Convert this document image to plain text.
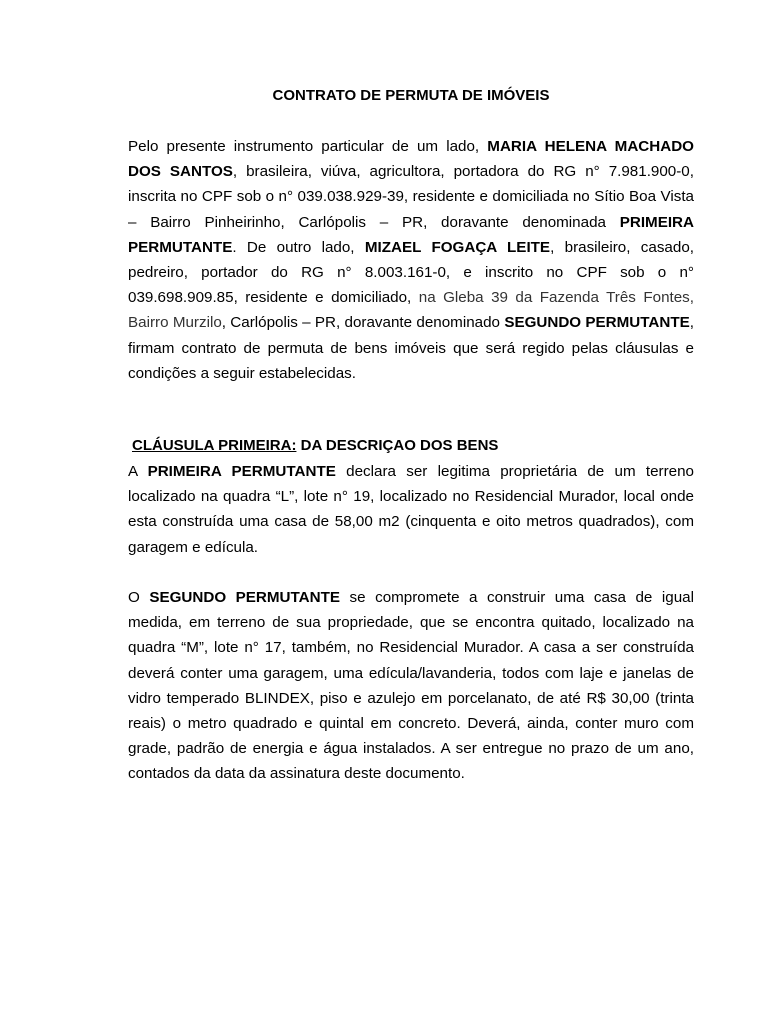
CONTRATO DE PERMUTA DE IMÓVEIS
Pelo presente instrumento particular de um lado, MARIA HELENA MACHADO DOS SANTOS, brasileira, viúva, agricultora, portadora do RG n° 7.981.900-0, inscrita no CPF sob o n° 039.038.929-39, residente e domiciliada no Sítio Boa Vista – Bairro Pinheirinho, Carlópolis – PR, doravante denominada PRIMEIRA PERMUTANTE. De outro lado, MIZAEL FOGAÇA LEITE, brasileiro, casado, pedreiro, portador do RG n° 8.003.161-0, e inscrito no CPF sob o n° 039.698.909.85, residente e domiciliado, na Gleba 39 da Fazenda Três Fontes, Bairro Murzilo, Carlópolis – PR, doravante denominado SEGUNDO PERMUTANTE, firmam contrato de permuta de bens imóveis que será regido pelas cláusulas e condições a seguir estabelecidas.
CLÁUSULA PRIMEIRA: DA DESCRIÇAO DOS BENS
A PRIMEIRA PERMUTANTE declara ser legitima proprietária de um terreno localizado na quadra “L”, lote n° 19, localizado no Residencial Murador, local onde esta construída uma casa de 58,00 m2 (cinquenta e oito metros quadrados), com garagem e edícula.
O SEGUNDO PERMUTANTE se compromete a construir uma casa de igual medida, em terreno de sua propriedade, que se encontra quitado, localizado na quadra “M”, lote n° 17, também, no Residencial Murador. A casa a ser construída deverá conter uma garagem, uma edícula/lavanderia, todos com laje e janelas de vidro temperado BLINDEX, piso e azulejo em porcelanato, de até R$ 30,00 (trinta reais) o metro quadrado e quintal em concreto. Deverá, ainda, conter muro com grade, padrão de energia e água instalados. A ser entregue no prazo de um ano, contados da data da assinatura deste documento.
